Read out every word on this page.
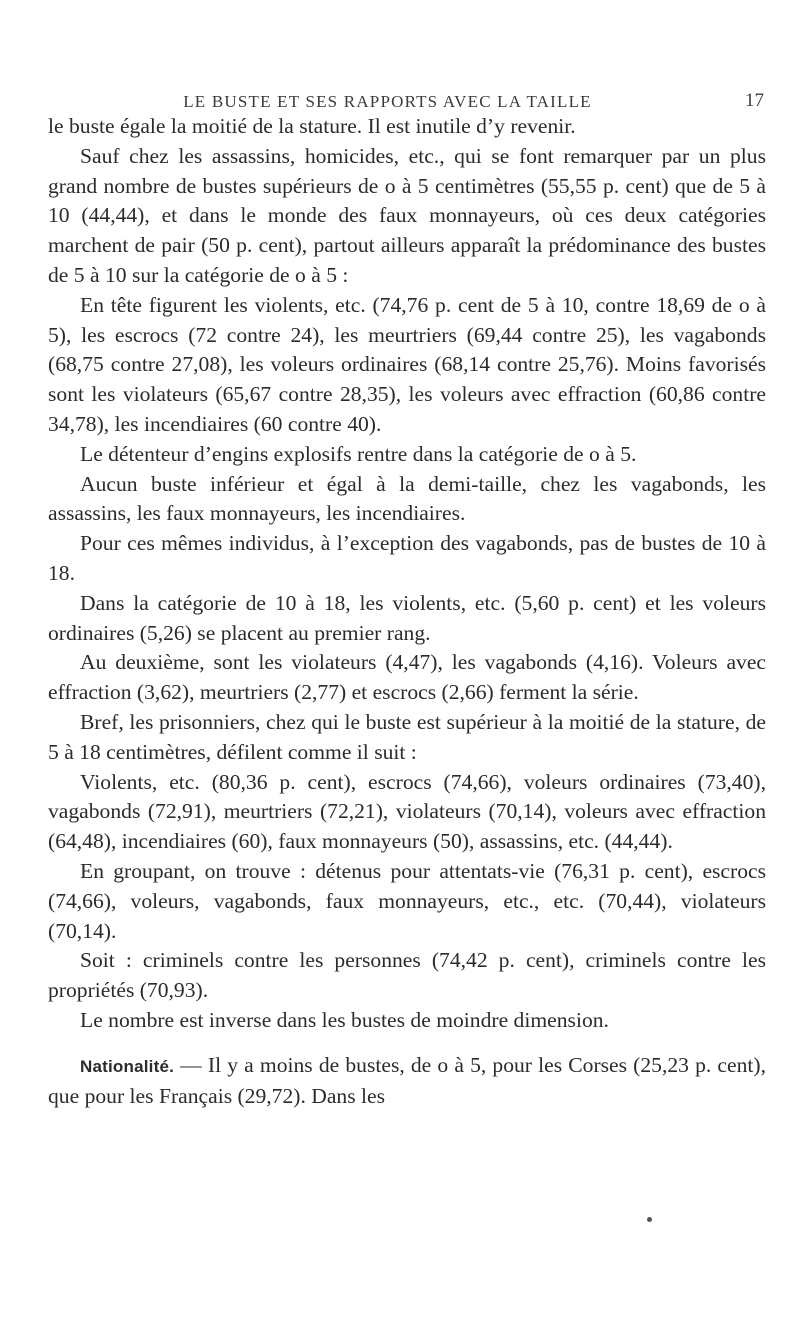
LE BUSTE ET SES RAPPORTS AVEC LA TAILLE	17

le buste égale la moitié de la stature. Il est inutile d’y revenir.

Sauf chez les assassins, homicides, etc., qui se font remarquer par un plus grand nombre de bustes supérieurs de o à 5 centimètres (55,55 p. cent) que de 5 à 10 (44,44), et dans le monde des faux monnayeurs, où ces deux catégories marchent de pair (50 p. cent), partout ailleurs apparaît la prédominance des bustes de 5 à 10 sur la catégorie de o à 5 :

En tête figurent les violents, etc. (74,76 p. cent de 5 à 10, contre 18,69 de o à 5), les escrocs (72 contre 24), les meurtriers (69,44 contre 25), les vagabonds (68,75 contre 27,08), les voleurs ordinaires (68,14 contre 25,76). Moins favorisés sont les violateurs (65,67 contre 28,35), les voleurs avec effraction (60,86 contre 34,78), les incendiaires (60 contre 40).

Le détenteur d’engins explosifs rentre dans la catégorie de o à 5.

Aucun buste inférieur et égal à la demi-taille, chez les vagabonds, les assassins, les faux monnayeurs, les incendiaires.

Pour ces mêmes individus, à l’exception des vagabonds, pas de bustes de 10 à 18.

Dans la catégorie de 10 à 18, les violents, etc. (5,60 p. cent) et les voleurs ordinaires (5,26) se placent au premier rang.

Au deuxième, sont les violateurs (4,47), les vagabonds (4,16). Voleurs avec effraction (3,62), meurtriers (2,77) et escrocs (2,66) ferment la série.

Bref, les prisonniers, chez qui le buste est supérieur à la moitié de la stature, de 5 à 18 centimètres, défilent comme il suit :

Violents, etc. (80,36 p. cent), escrocs (74,66), voleurs ordinaires (73,40), vagabonds (72,91), meurtriers (72,21), violateurs (70,14), voleurs avec effraction (64,48), incendiaires (60), faux monnayeurs (50), assassins, etc. (44,44).

En groupant, on trouve : détenus pour attentats-vie (76,31 p. cent), escrocs (74,66), voleurs, vagabonds, faux monnayeurs, etc., etc. (70,44), violateurs (70,14).

Soit : criminels contre les personnes (74,42 p. cent), criminels contre les propriétés (70,93).

Le nombre est inverse dans les bustes de moindre dimension.

Nationalité. — Il y a moins de bustes, de o à 5, pour les Corses (25,23 p. cent), que pour les Français (29,72). Dans les
